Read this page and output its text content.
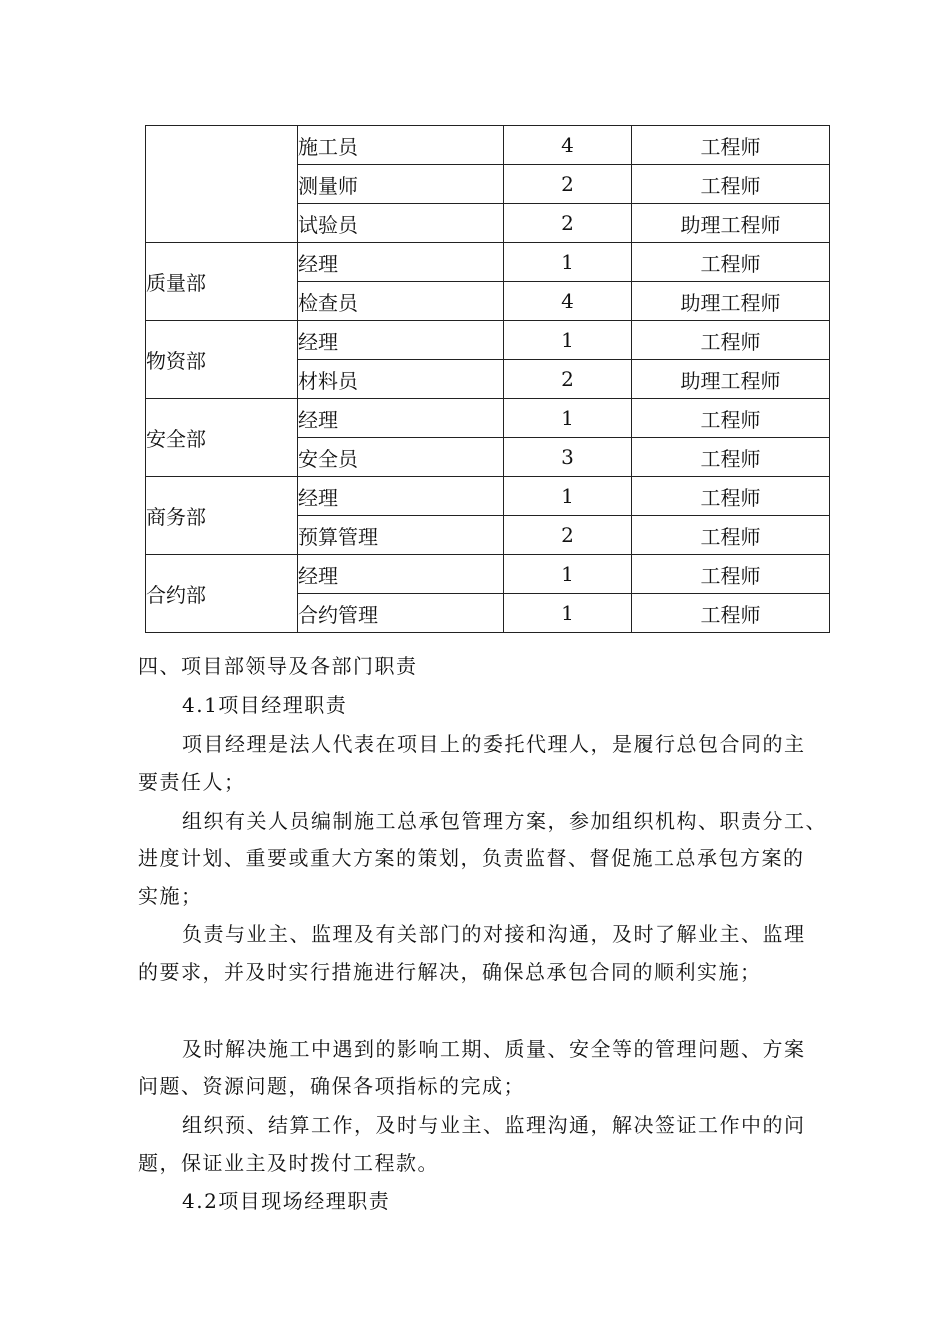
	施工员	4	工程师
	测量师	2	工程师
	试验员	2	助理工程师
质量部	经理	1	工程师
	检查员	4	助理工程师
物资部	经理	1	工程师
	材料员	2	助理工程师
安全部	经理	1	工程师
	安全员	3	工程师
商务部	经理	1	工程师
	预算管理	2	工程师
合约部	经理	1	工程师
	合约管理	1	工程师
四、项目部领导及各部门职责
4.1项目经理职责
项目经理是法人代表在项目上的委托代理人，是履行总包合同的主
要责任人；
组织有关人员编制施工总承包管理方案，参加组织机构、职责分工、
进度计划、重要或重大方案的策划，负责监督、督促施工总承包方案的
实施；
负责与业主、监理及有关部门的对接和沟通，及时了解业主、监理
的要求，并及时实行措施进行解决，确保总承包合同的顺利实施；
及时解决施工中遇到的影响工期、质量、安全等的管理问题、方案
问题、资源问题，确保各项指标的完成；
组织预、结算工作，及时与业主、监理沟通，解决签证工作中的问
题，保证业主及时拨付工程款。
4.2项目现场经理职责
